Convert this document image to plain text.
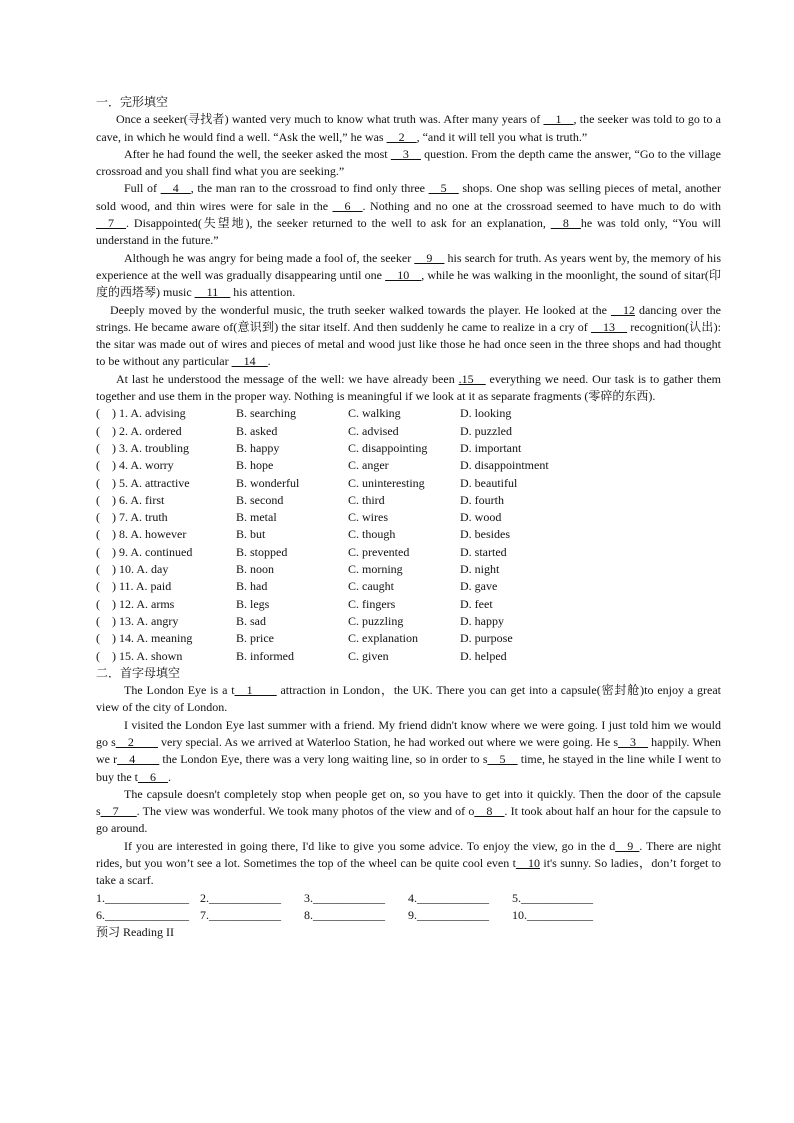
一．完形填空
Once a seeker(寻找者) wanted very much to know what truth was. After many years of __1__, the seeker was told to go to a cave, in which he would find a well. “Ask the well,” he was __2__, “and it will tell you what is truth.”
After he had found the well, the seeker asked the most __3__ question. From the depth came the answer, “Go to the village crossroad and you shall find what you are seeking.”
Full of __4__, the man ran to the crossroad to find only three __5__ shops. One shop was selling pieces of metal, another sold wood, and thin wires were for sale in the __6__. Nothing and no one at the crossroad seemed to have much to do with __7__. Disappointed(失望地), the seeker returned to the well to ask for an explanation, __8__he was told only, “You will understand in the future.”
Although he was angry for being made a fool of, the seeker __9__ his search for truth. As years went by, the memory of his experience at the well was gradually disappearing until one __10__, while he was walking in the moonlight, the sound of sitar(印度的西塔琴) music __11__ his attention.
Deeply moved by the wonderful music, the truth seeker walked towards the player. He looked at the __12 dancing over the strings. He became aware of(意识到) the sitar itself. And then suddenly he came to realize in a cry of __13__ recognition(认出): the sitar was made out of wires and pieces of metal and wood just like those he had once seen in the three shops and had thought to be without any particular __14__.
At last he understood the message of the well: we have already been .15__ everything we need. Our task is to gather them together and use them in the proper way. Nothing is meaningful if we look at it as separate fragments (零碎的东西).
(    ) 1. A. advising	B. searching	C. walking	D. looking
(    ) 2. A. ordered	B. asked	C. advised	D. puzzled
(    ) 3. A. troubling	B. happy	C. disappointing	D. important
(    ) 4. A. worry	B. hope	C. anger	D. disappointment
(    ) 5. A. attractive	B. wonderful	C. uninteresting	D. beautiful
(    ) 6. A. first	B. second	C. third	D. fourth
(    ) 7. A. truth	B. metal	C. wires	D. wood
(    ) 8. A. however	B. but	C. though	D. besides
(    ) 9. A. continued	B. stopped	C. prevented	D. started
(    ) 10. A. day	B. noon	C. morning	D. night
(    ) 11. A. paid	B. had	C. caught	D. gave
(    ) 12. A. arms	B. legs	C. fingers	D. feet
(    ) 13. A. angry	B. sad	C. puzzling	D. happy
(    ) 14. A. meaning	B. price	C. explanation	D. purpose
(    ) 15. A. shown	B. informed	C. given	D. helped
二．首字母填空
The London Eye is a t__1____ attraction in London，the UK. There you can get into a capsule(密封舱)to enjoy a great view of the city of London.
I visited the London Eye last summer with a friend. My friend didn't know where we were going. I just told him we would go s__2____ very special. As we arrived at Waterloo Station, he had worked out where we were going. He s__3__ happily. When we r__4____ the London Eye, there was a very long waiting line, so in order to s__5__ time, he stayed in the line while I went to buy the t__6__.
The capsule doesn't completely stop when people get on, so you have to get into it quickly. Then the door of the capsule s__7___. The view was wonderful. We took many photos of the view and of o__8__. It took about half an hour for the capsule to go around.
If you are interested in going there, I'd like to give you some advice. To enjoy the view, go in the d__9_. There are night rides, but you won’t see a lot. Sometimes the top of the wheel can be quite cool even t__10 it's sunny. So ladies，don’t forget to take a scarf.
1.______________ 2.____________	3.____________	4.____________	5.____________
6.______________ 7.____________	8.____________	9.____________	10.___________
预习 Reading II
